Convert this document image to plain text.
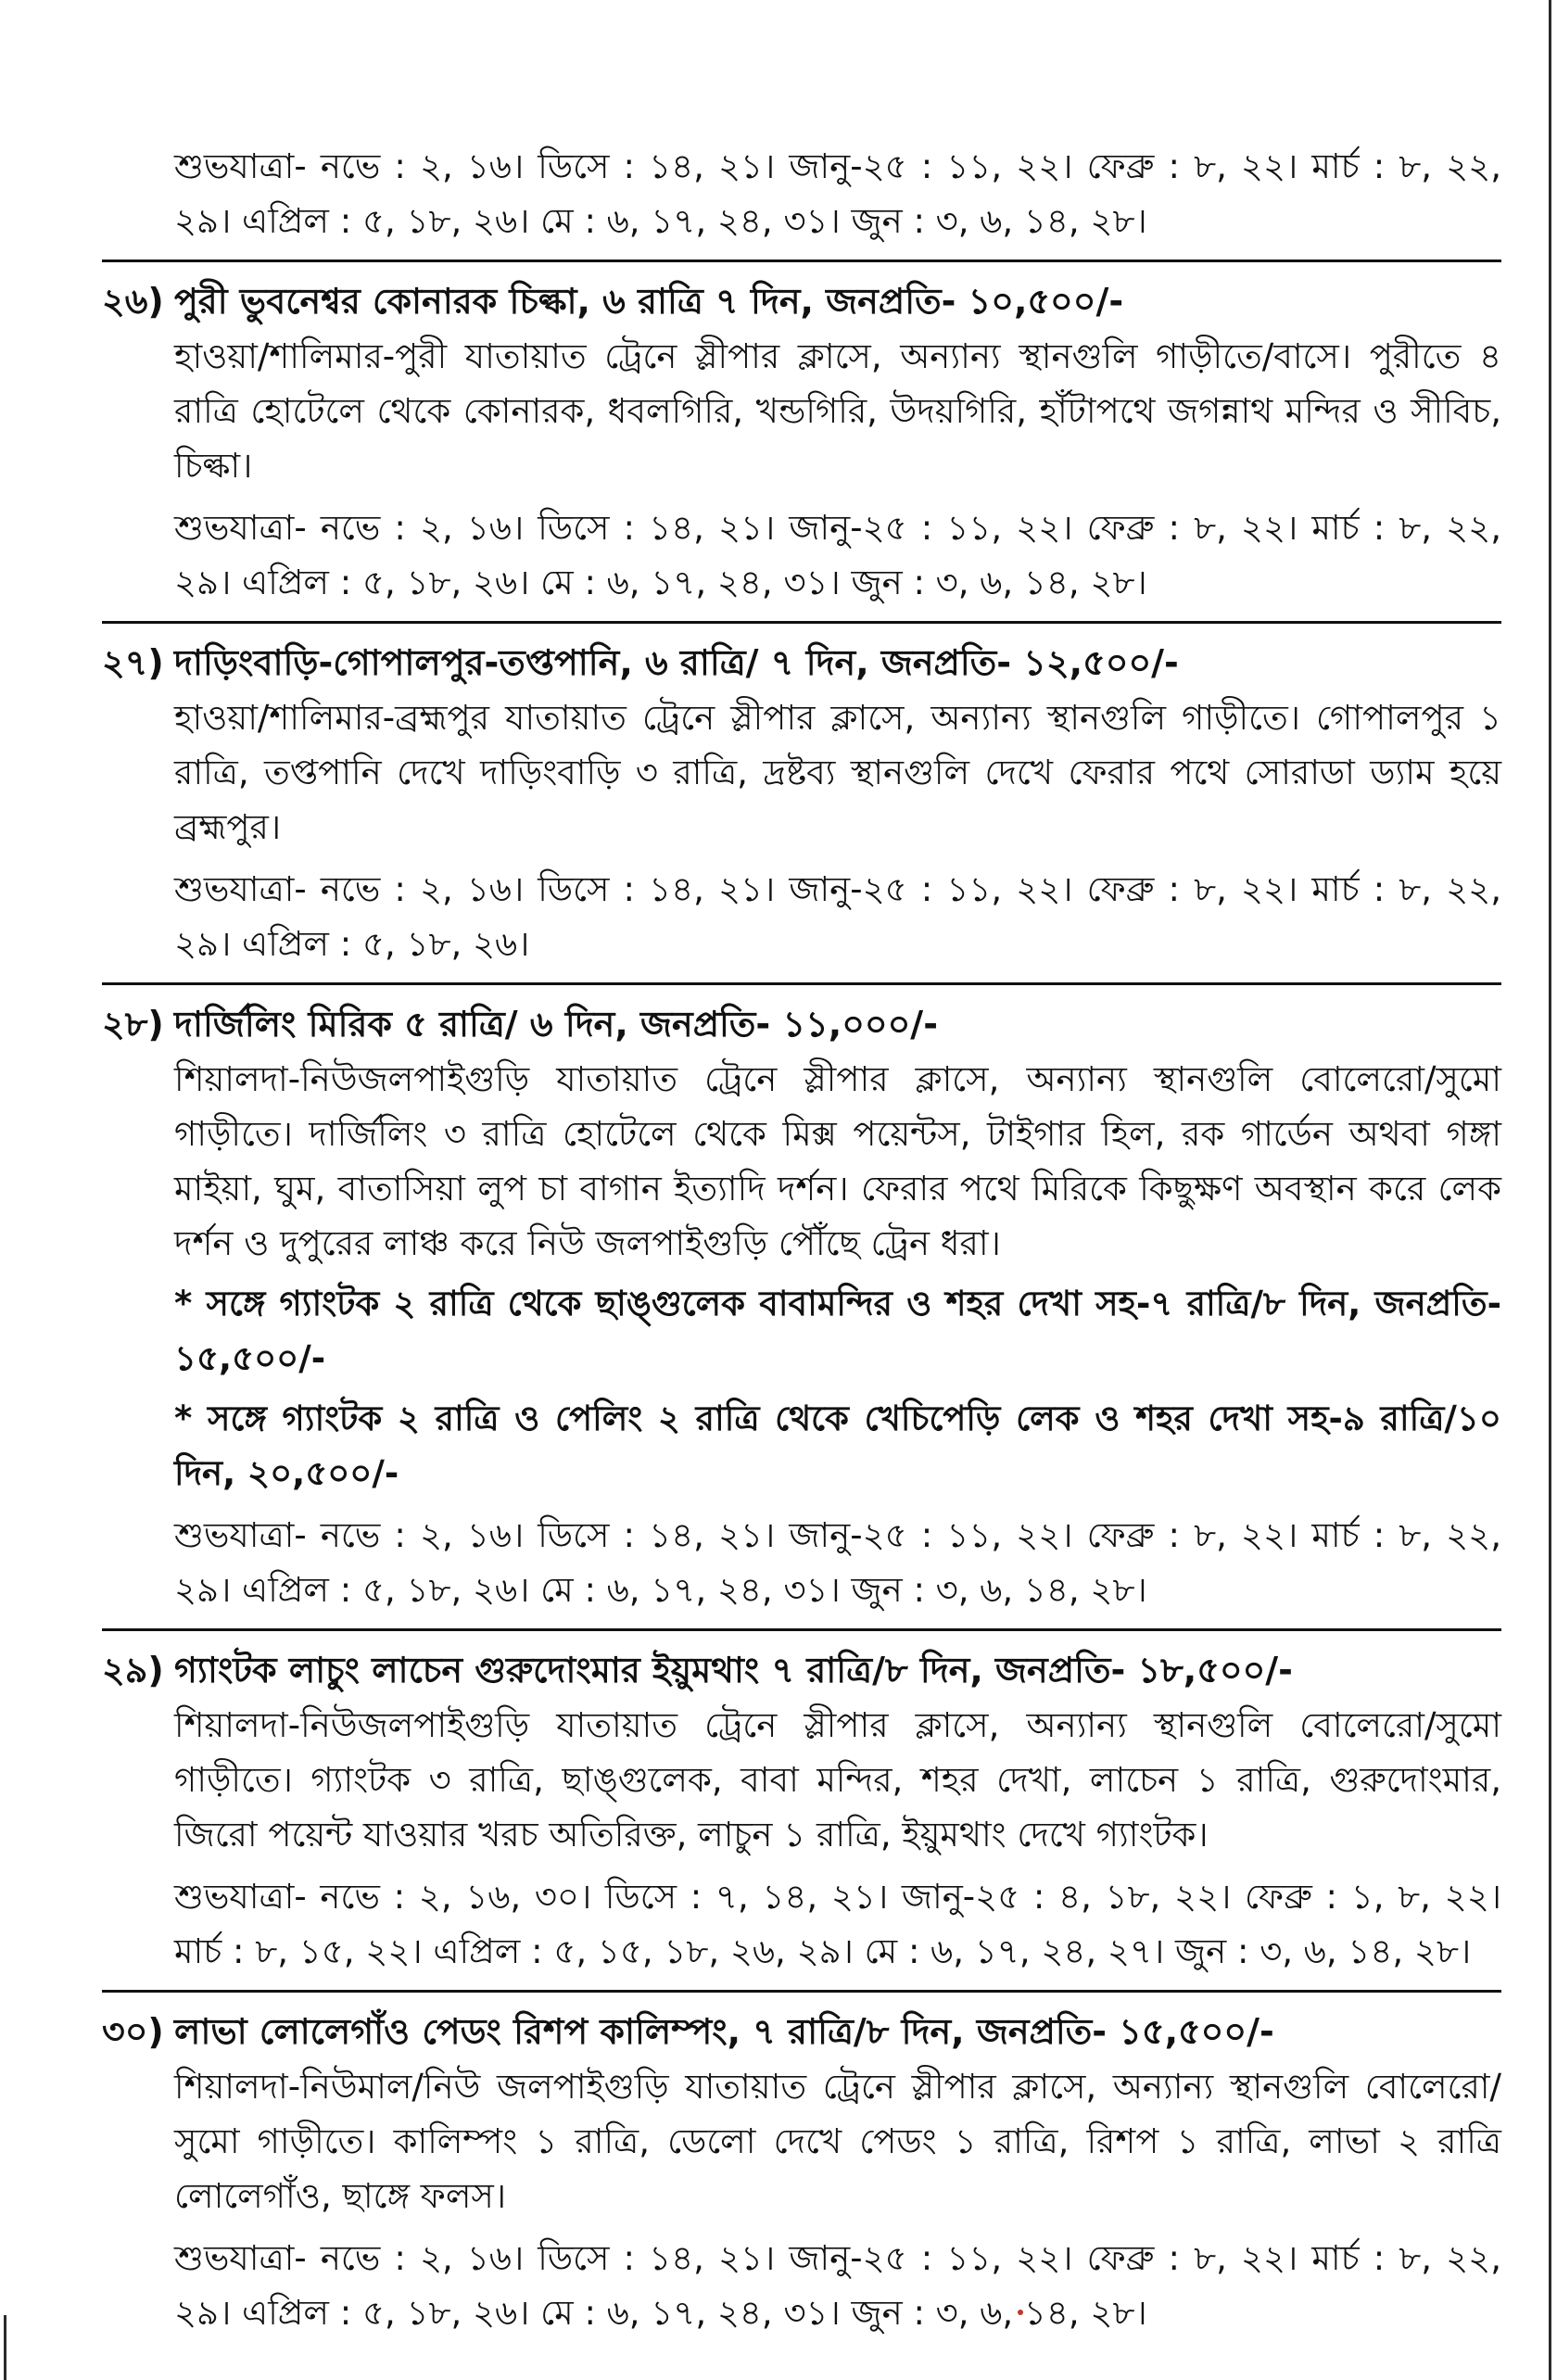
শুভযাত্রা- নভে : ২, ১৬। ডিসে : ১৪, ২১। জানু-২৫ : ১১, ২২। ফেব্রু : ৮, ২২। মার্চ : ৮, ২২, ২৯। এপ্রিল : ৫, ১৮, ২৬। মে : ৬, ১৭, ২৪, ৩১। জুন : ৩, ৬, ১৪, ২৮।

২৬) পুরী ভুবনেশ্বর কোনারক চিল্কা, ৬ রাত্রি ৭ দিন, জনপ্রতি- ১০,৫০০/-

হাওয়া/শালিমার-পুরী যাতায়াত ট্রেনে স্লীপার ক্লাসে, অন্যান্য স্থানগুলি গাড়ীতে/বাসে। পুরীতে ৪ রাত্রি হোটেলে থেকে কোনারক, ধবলগিরি, খন্ডগিরি, উদয়গিরি, হাঁটাপথে জগন্নাথ মন্দির ও সীবিচ, চিল্কা।

শুভযাত্রা- নভে : ২, ১৬। ডিসে : ১৪, ২১। জানু-২৫ : ১১, ২২। ফেব্রু : ৮, ২২। মার্চ : ৮, ২২, ২৯। এপ্রিল : ৫, ১৮, ২৬। মে : ৬, ১৭, ২৪, ৩১। জুন : ৩, ৬, ১৪, ২৮।

২৭) দাড়িংবাড়ি-গোপালপুর-তপ্তপানি, ৬ রাত্রি/ ৭ দিন, জনপ্রতি- ১২,৫০০/-

হাওয়া/শালিমার-ব্রহ্মপুর যাতায়াত ট্রেনে স্লীপার ক্লাসে, অন্যান্য স্থানগুলি গাড়ীতে। গোপালপুর ১ রাত্রি, তপ্তপানি দেখে দাড়িংবাড়ি ৩ রাত্রি, দ্রষ্টব্য স্থানগুলি দেখে ফেরার পথে সোরাডা ড্যাম হয়ে ব্রহ্মপুর।

শুভযাত্রা- নভে : ২, ১৬। ডিসে : ১৪, ২১। জানু-২৫ : ১১, ২২। ফেব্রু : ৮, ২২। মার্চ : ৮, ২২, ২৯। এপ্রিল : ৫, ১৮, ২৬।

২৮) দার্জিলিং মিরিক ৫ রাত্রি/ ৬ দিন, জনপ্রতি- ১১,০০০/-

শিয়ালদা-নিউজলপাইগুড়ি যাতায়াত ট্রেনে স্লীপার ক্লাসে, অন্যান্য স্থানগুলি বোলেরো/সুমো গাড়ীতে। দার্জিলিং ৩ রাত্রি হোটেলে থেকে মিক্স পয়েন্টস, টাইগার হিল, রক গার্ডেন অথবা গঙ্গা মাইয়া, ঘুম, বাতাসিয়া লুপ চা বাগান ইত্যাদি দর্শন। ফেরার পথে মিরিকে কিছুক্ষণ অবস্থান করে লেক দর্শন ও দুপুরের লাঞ্চ করে নিউ জলপাইগুড়ি পৌঁছে ট্রেন ধরা।

* সঙ্গে গ্যাংটক ২ রাত্রি থেকে ছাঙ্গুলেক বাবামন্দির ও শহর দেখা সহ-৭ রাত্রি/৮ দিন, জনপ্রতি- ১৫,৫০০/-

* সঙ্গে গ্যাংটক ২ রাত্রি ও পেলিং ২ রাত্রি থেকে খেচিপেড়ি লেক ও শহর দেখা সহ-৯ রাত্রি/১০ দিন, ২০,৫০০/-

শুভযাত্রা- নভে : ২, ১৬। ডিসে : ১৪, ২১। জানু-২৫ : ১১, ২২। ফেব্রু : ৮, ২২। মার্চ : ৮, ২২, ২৯। এপ্রিল : ৫, ১৮, ২৬। মে : ৬, ১৭, ২৪, ৩১। জুন : ৩, ৬, ১৪, ২৮।

২৯) গ্যাংটক লাচুং লাচেন গুরুদোংমার ইয়ুমথাং ৭ রাত্রি/৮ দিন, জনপ্রতি- ১৮,৫০০/-

শিয়ালদা-নিউজলপাইগুড়ি যাতায়াত ট্রেনে স্লীপার ক্লাসে, অন্যান্য স্থানগুলি বোলেরো/সুমো গাড়ীতে। গ্যাংটক ৩ রাত্রি, ছাঙ্গুলেক, বাবা মন্দির, শহর দেখা, লাচেন ১ রাত্রি, গুরুদোংমার, জিরো পয়েন্ট যাওয়ার খরচ অতিরিক্ত, লাচুন ১ রাত্রি, ইয়ুমথাং দেখে গ্যাংটক।

শুভযাত্রা- নভে : ২, ১৬, ৩০। ডিসে : ৭, ১৪, ২১। জানু-২৫ : ৪, ১৮, ২২। ফেব্রু : ১, ৮, ২২। মার্চ : ৮, ১৫, ২২। এপ্রিল : ৫, ১৫, ১৮, ২৬, ২৯। মে : ৬, ১৭, ২৪, ২৭। জুন : ৩, ৬, ১৪, ২৮।

৩০) লাভা লোলেগাঁও পেডং রিশপ কালিম্পং, ৭ রাত্রি/৮ দিন, জনপ্রতি- ১৫,৫০০/-

শিয়ালদা-নিউমাল/নিউ জলপাইগুড়ি যাতায়াত ট্রেনে স্লীপার ক্লাসে, অন্যান্য স্থানগুলি বোলেরো/সুমো গাড়ীতে। কালিম্পং ১ রাত্রি, ডেলো দেখে পেডং ১ রাত্রি, রিশপ ১ রাত্রি, লাভা ২ রাত্রি লোলেগাঁও, ছাঙ্গে ফলস।

শুভযাত্রা- নভে : ২, ১৬। ডিসে : ১৪, ২১। জানু-২৫ : ১১, ২২। ফেব্রু : ৮, ২২। মার্চ : ৮, ২২, ২৯। এপ্রিল : ৫, ১৮, ২৬। মে : ৬, ১৭, ২৪, ৩১। জুন : ৩, ৬, ১৪, ২৮।
